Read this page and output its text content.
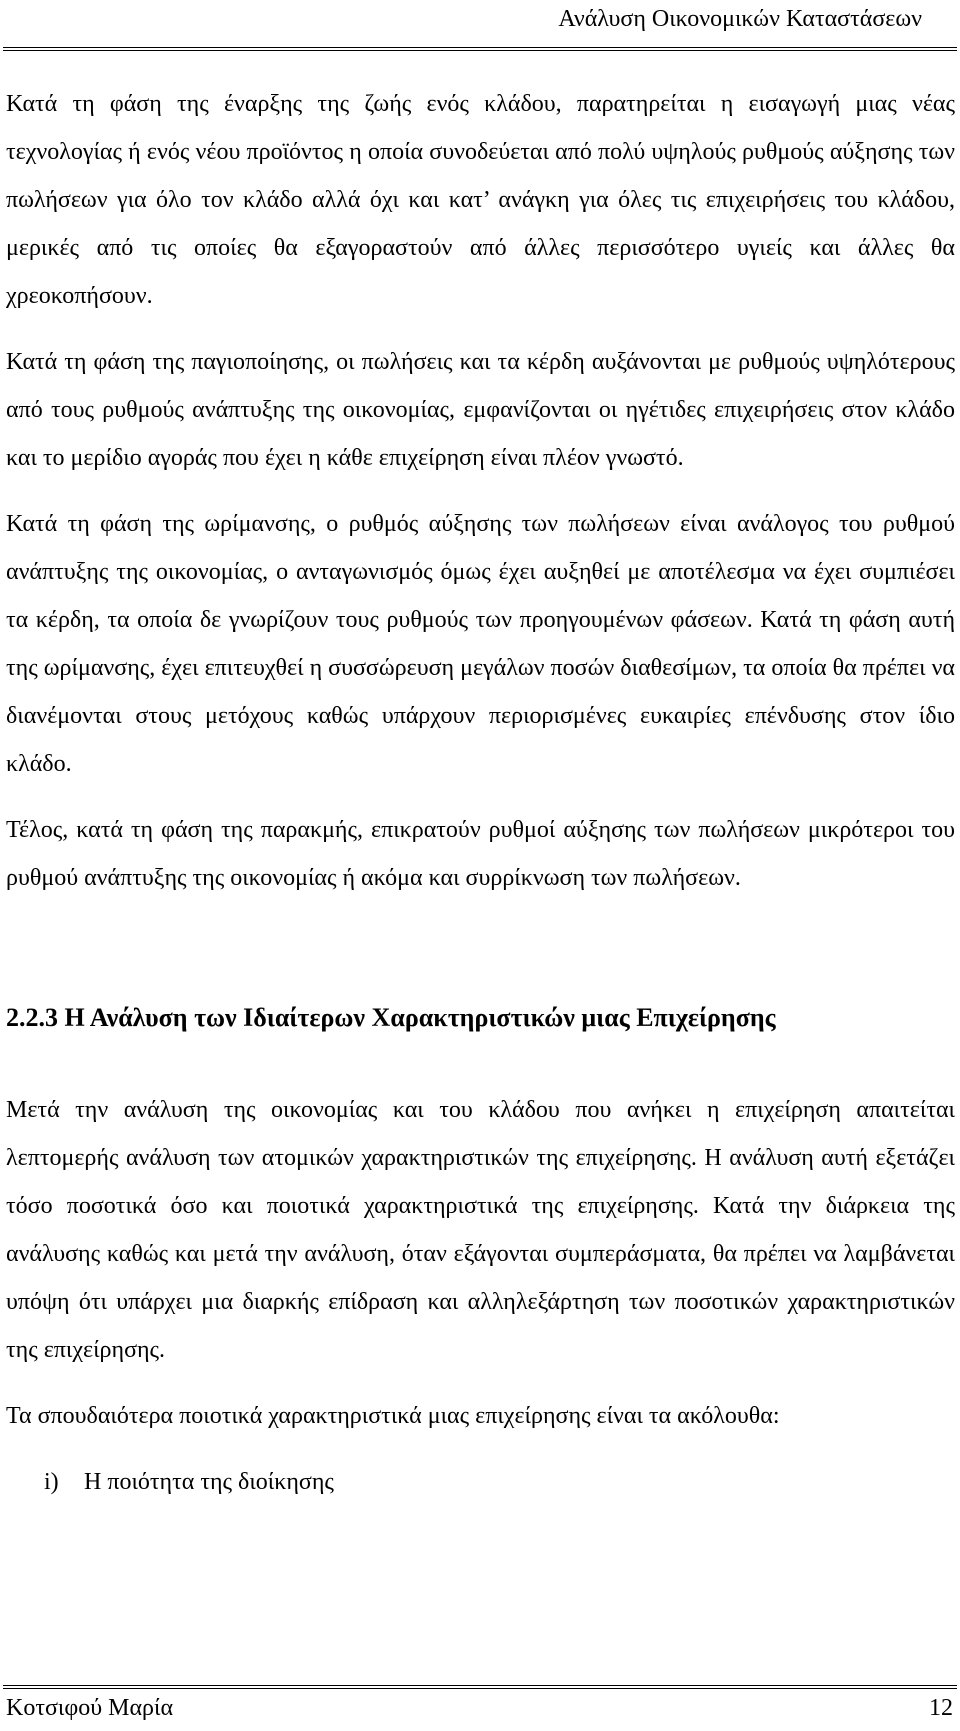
Ανάλυση Οικονομικών Καταστάσεων

Κατά τη φάση της έναρξης της ζωής ενός κλάδου, παρατηρείται η εισαγωγή μιας νέας τεχνολογίας ή ενός νέου προϊόντος η οποία συνοδεύεται από πολύ υψηλούς ρυθμούς αύξησης των πωλήσεων για όλο τον κλάδο αλλά όχι και κατ’ ανάγκη για όλες τις επιχειρήσεις του κλάδου, μερικές από τις οποίες θα εξαγοραστούν από άλλες περισσότερο υγιείς και άλλες θα χρεοκοπήσουν.

Κατά τη φάση της παγιοποίησης, οι πωλήσεις και τα κέρδη αυξάνονται με ρυθμούς υψηλότερους από τους ρυθμούς ανάπτυξης της οικονομίας, εμφανίζονται οι ηγέτιδες επιχειρήσεις στον κλάδο και το μερίδιο αγοράς που έχει η κάθε επιχείρηση είναι πλέον γνωστό.

Κατά τη φάση της ωρίμανσης, ο ρυθμός αύξησης των πωλήσεων είναι ανάλογος του ρυθμού ανάπτυξης της οικονομίας, ο ανταγωνισμός όμως έχει αυξηθεί με αποτέλεσμα να έχει συμπιέσει τα κέρδη, τα οποία δε γνωρίζουν τους ρυθμούς των προηγουμένων φάσεων. Κατά τη φάση αυτή της ωρίμανσης, έχει επιτευχθεί η συσσώρευση μεγάλων ποσών διαθεσίμων, τα οποία θα πρέπει να διανέμονται στους μετόχους καθώς υπάρχουν περιορισμένες ευκαιρίες επένδυσης στον ίδιο κλάδο.

Τέλος, κατά τη φάση της παρακμής, επικρατούν ρυθμοί αύξησης των πωλήσεων μικρότεροι του ρυθμού ανάπτυξης της οικονομίας ή ακόμα και συρρίκνωση των πωλήσεων.

2.2.3 Η Ανάλυση των Ιδιαίτερων Χαρακτηριστικών μιας Επιχείρησης

Μετά την ανάλυση της οικονομίας και του κλάδου που ανήκει η επιχείρηση απαιτείται λεπτομερής ανάλυση των ατομικών χαρακτηριστικών της επιχείρησης. Η ανάλυση αυτή εξετάζει τόσο ποσοτικά όσο και ποιοτικά χαρακτηριστικά της επιχείρησης. Κατά την διάρκεια της ανάλυσης καθώς και μετά την ανάλυση, όταν εξάγονται συμπεράσματα, θα πρέπει να λαμβάνεται υπόψη ότι υπάρχει μια διαρκής επίδραση και αλληλεξάρτηση των ποσοτικών χαρακτηριστικών της επιχείρησης.

Τα σπουδαιότερα ποιοτικά χαρακτηριστικά μιας επιχείρησης είναι τα ακόλουθα:

i) Η ποιότητα της διοίκησης

Κοτσιφού Μαρία	12
